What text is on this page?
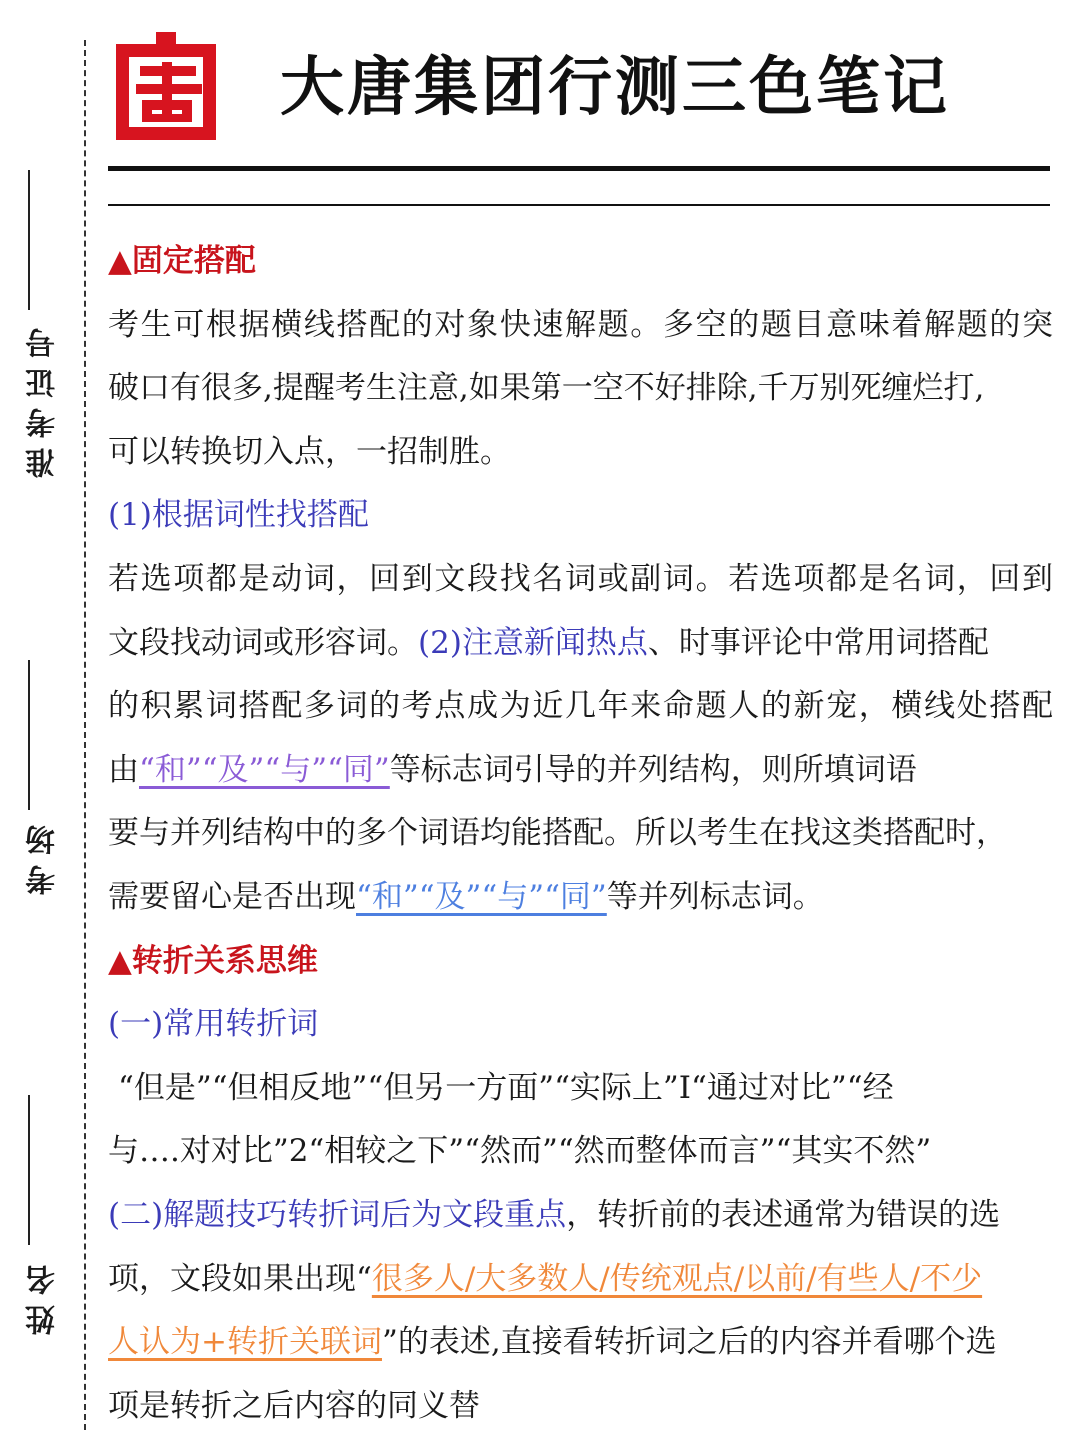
准考证号
考场
姓名
大唐集团行测三色笔记

▲固定搭配

考生可根据横线搭配的对象快速解题。多空的题目意味着解题的突

破口有很多,提醒考生注意,如果第一空不好排除,千万别死缠烂打,

可以转换切入点，一招制胜。

(1)根据词性找搭配

若选项都是动词，回到文段找名词或副词。若选项都是名词，回到

文段找动词或形容词。(2)注意新闻热点、时事评论中常用词搭配

的积累词搭配多词的考点成为近几年来命题人的新宠，横线处搭配

由“和”“及”“与”“同”等标志词引导的并列结构，则所填词语

要与并列结构中的多个词语均能搭配。所以考生在找这类搭配时，

需要留心是否出现“和”“及”“与”“同”等并列标志词。

▲转折关系思维

(一)常用转折词

“但是”“但相反地”“但另一方面”“实际上”I“通过对比”“经

与….对对比”2“相较之下”“然而”“然而整体而言”“其实不然”

(二)解题技巧转折词后为文段重点，转折前的表述通常为错误的选

项，文段如果出现“很多人/大多数人/传统观点/以前/有些人/不少

人认为+转折关联词”的表述,直接看转折词之后的内容并看哪个选

项是转折之后内容的同义替
